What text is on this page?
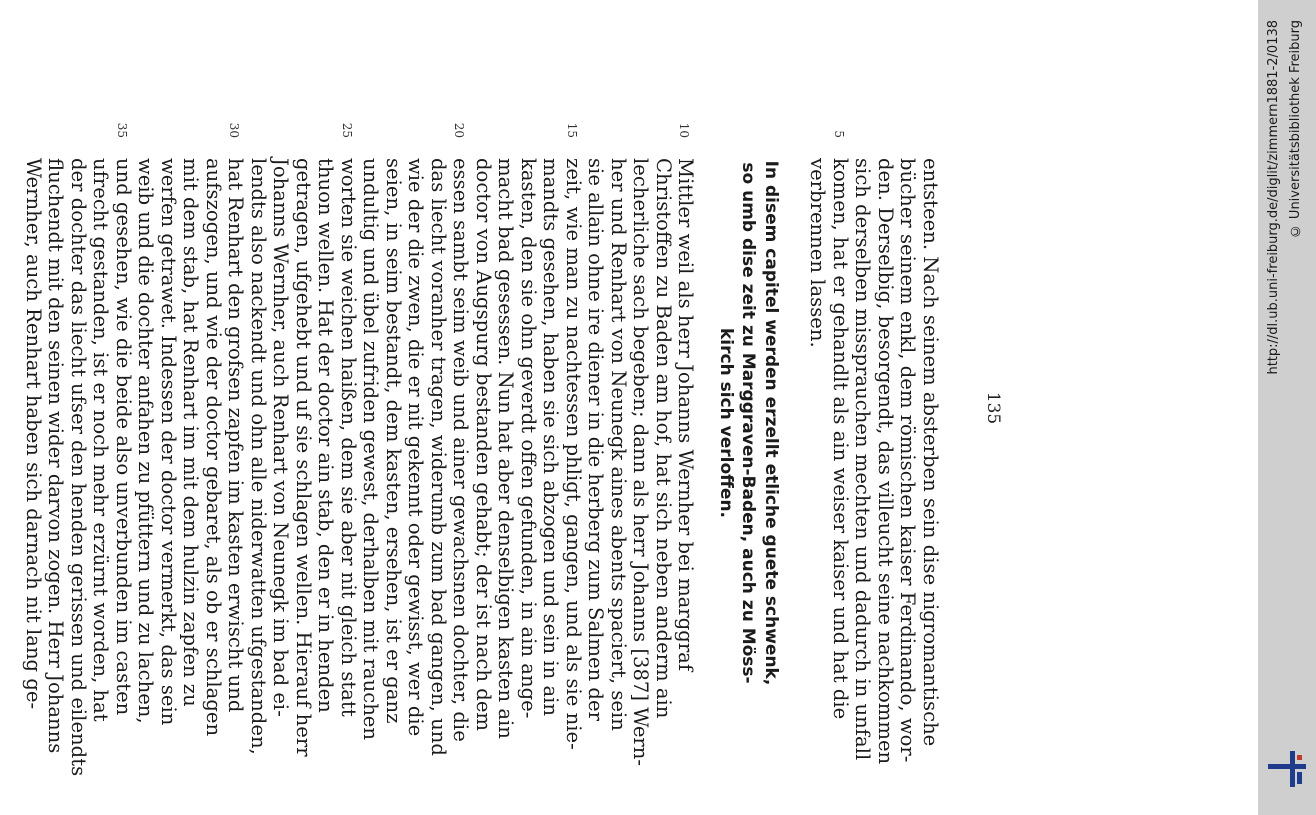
135
entsteen. Nach seinem absterben sein dise nigromantische
bücher seinem enkl, dem römischen kaiser Ferdinando, wor-
den. Derselbig, besorgendt, das villeucht seine nachkommen
sich derselben missprauchen mechten und dadurch in unfall
5
komen, hat er gehandlt als ain weiser kaiser und hat die
verbrennen lassen.
In disem capitel werden erzellt etliche guete schwenk,
so umb dise zeit zu Marggraven-Baden, auch zu Möss-
kirch sich verloffen.
10
Mittler weil als herr Johanns Wernher bei marggraf
Christoffen zu Baden am hof, hat sich neben anderm ain
lecherliche sach begeben; dann als herr Johanns [387] Wern-
her und Renhart von Neunegk aines abents spaciert, sein
sie allain ohne ire diener in die herberg zum Salmen der
15
zeit, wie man zu nachtessen phligt, gangen, und als sie nie-
mandts gesehen, haben sie sich abzogen und sein in ain
kasten, den sie ohn geverdt offen gefunden, in ain ange-
macht bad gesessen. Nun hat aber denselbigen kasten ain
doctor von Augspurg bestanden gehabt; der ist nach dem
20
essen sambt seim weib und ainer gewachsnen dochter, die
das liecht voranher tragen, widerumb zum bad gangen, und
wie der die zwen, die er nit gekennt oder gewisst, wer die
seien, in seim bestandt, dem kasten, ersehen, ist er ganz
undultig und übel zufriden gewest, derhalben mit rauchen
25
worten sie weichen haißen, dem sie aber nit gleich statt
thuon wellen. Hat der doctor ain stab, den er in henden
getragen, ufgehebt und uf sie schlagen wellen. Hierauf herr
Johanns Wernher, auch Renhart von Neunegk im bad ei-
lendts also nackendt und ohn alle niderwatten ufgestanden,
30
hat Renhart den grofsen zapfen im kasten erwischt und
aufszogen, und wie der doctor gebaret, als ob er schlagen
mit dem stab, hat Renhart im mit dem hulzin zapfen zu
werfen getrawet. Indessen der doctor vermerkt, das sein
weib und die dochter anfahen zu pfüttern und zu lachen,
35
und gesehen, wie die beide also unverbunden im casten
ufrecht gestanden, ist er noch mehr erzürnt worden, hat
der dochter das liecht ufser den henden gerissen und eilendts
fluchendt mit den seinen wider darvon zogen. Herr Johanns
Wernher, auch Renhart haben sich darnach nit lang ge-	http://dl.ub.uni-freiburg.de/diglit/zimmern1881-2/0138 © Universitätsbibliothek Freiburg
